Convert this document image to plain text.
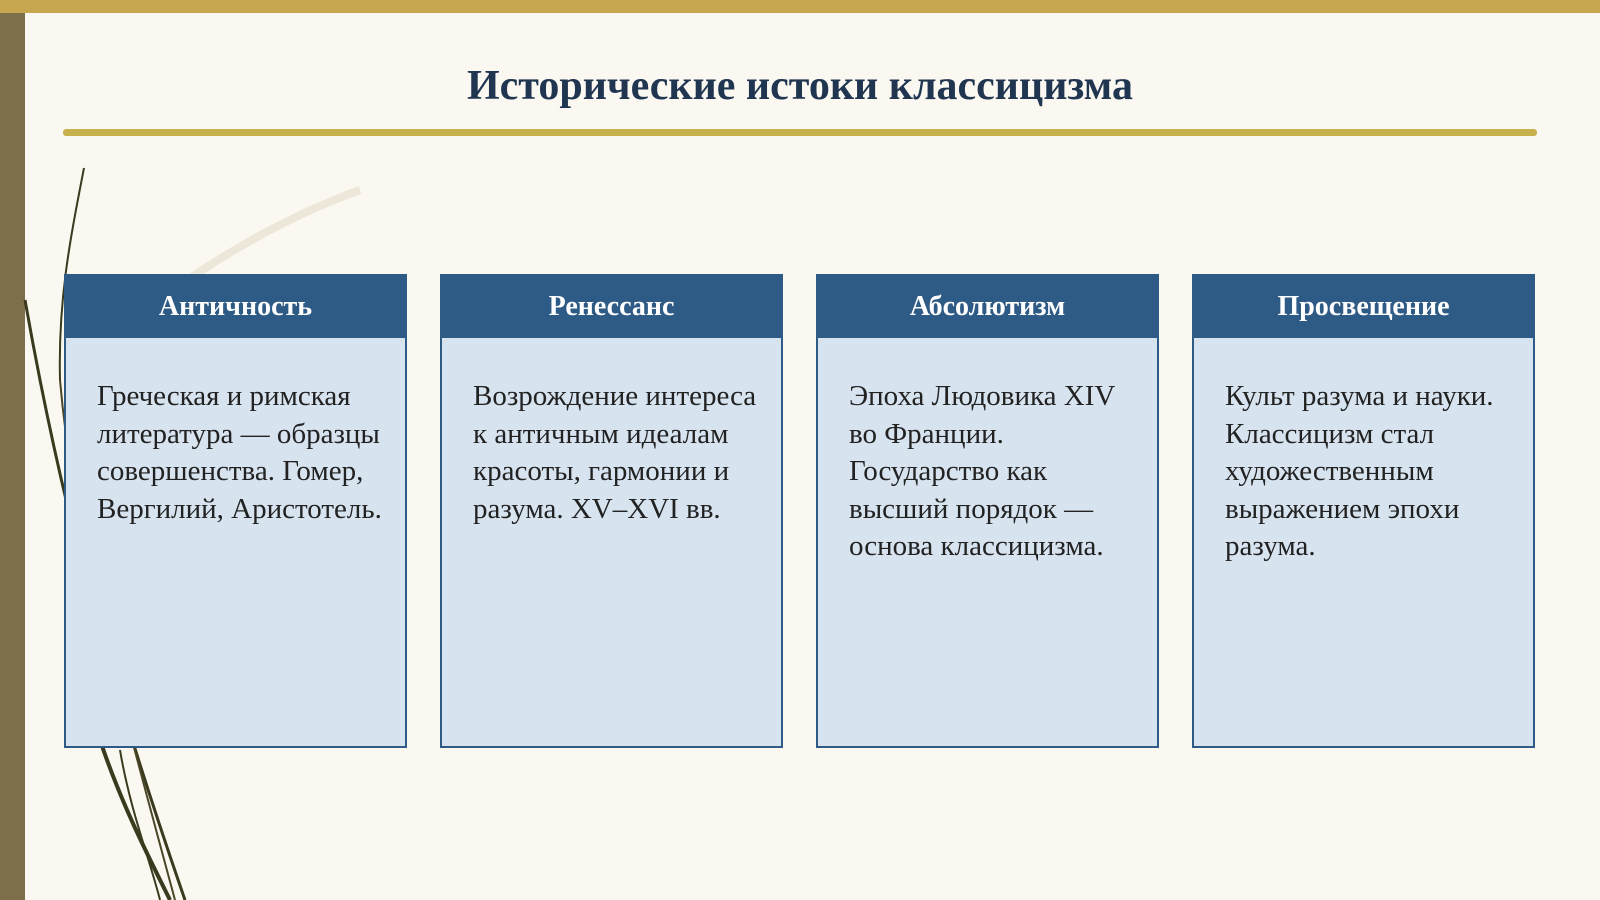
Исторические истоки классицизма
Античность
Греческая и римская литература — образцы совершенства. Гомер, Вергилий, Аристотель.
Ренессанс
Возрождение интереса к античным идеалам красоты, гармонии и разума. XV–XVI вв.
Абсолютизм
Эпоха Людовика XIV во Франции. Государство как высший порядок — основа классицизма.
Просвещение
Культ разума и науки. Классицизм стал художественным выражением эпохи разума.
